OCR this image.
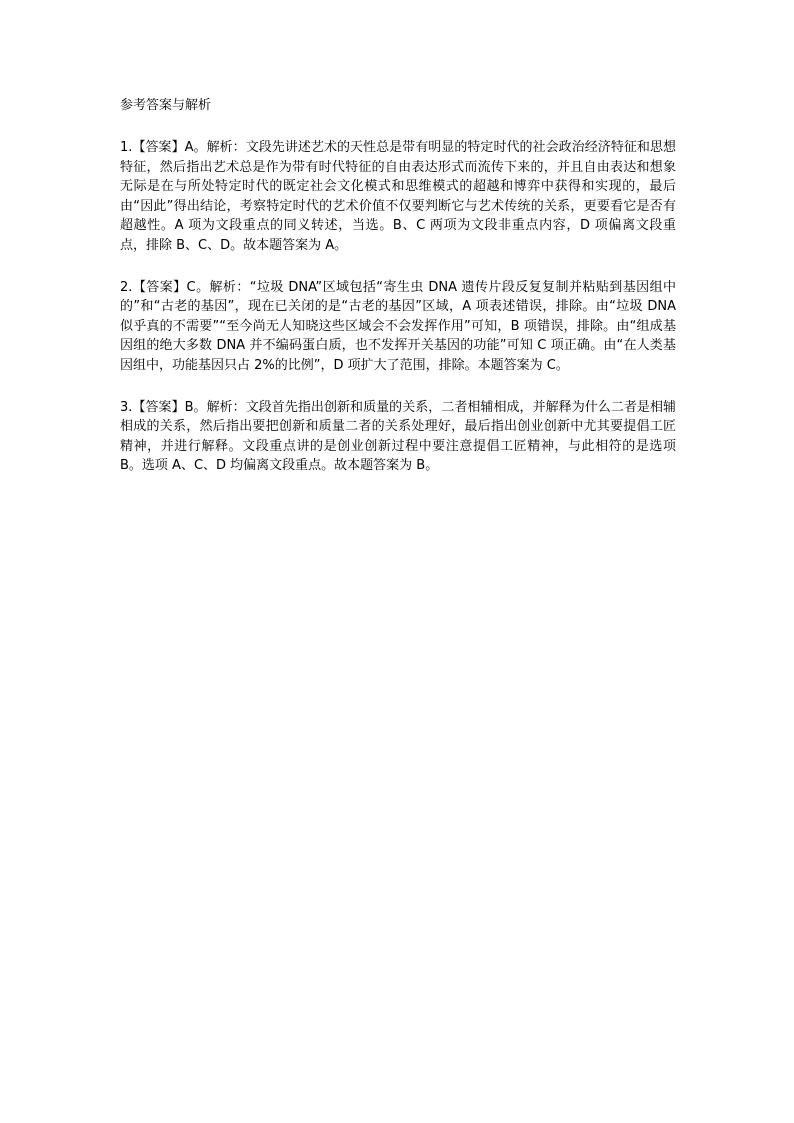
参考答案与解析

1.【答案】A。解析：文段先讲述艺术的天性总是带有明显的特定时代的社会政治经济特征和思想特征，然后指出艺术总是作为带有时代特征的自由表达形式而流传下来的，并且自由表达和想象无际是在与所处特定时代的既定社会文化模式和思维模式的超越和博弈中获得和实现的，最后由“因此”得出结论，考察特定时代的艺术价值不仅要判断它与艺术传统的关系，更要看它是否有超越性。A 项为文段重点的同义转述，当选。B、C 两项为文段非重点内容，D 项偏离文段重点，排除 B、C、D。故本题答案为 A。

2.【答案】C。解析：“垃圾 DNA”区域包括“寄生虫 DNA 遗传片段反复复制并粘贴到基因组中的”和“古老的基因”，现在已关闭的是“古老的基因”区域，A 项表述错误，排除。由“垃圾 DNA 似乎真的不需要”“至今尚无人知晓这些区域会不会发挥作用”可知，B 项错误，排除。由“组成基因组的绝大多数 DNA 并不编码蛋白质，也不发挥开关基因的功能”可知 C 项正确。由“在人类基因组中，功能基因只占 2%的比例”，D 项扩大了范围，排除。本题答案为 C。

3.【答案】B。解析：文段首先指出创新和质量的关系，二者相辅相成，并解释为什么二者是相辅相成的关系，然后指出要把创新和质量二者的关系处理好，最后指出创业创新中尤其要提倡工匠精神，并进行解释。文段重点讲的是创业创新过程中要注意提倡工匠精神，与此相符的是选项 B。选项 A、C、D 均偏离文段重点。故本题答案为 B。
